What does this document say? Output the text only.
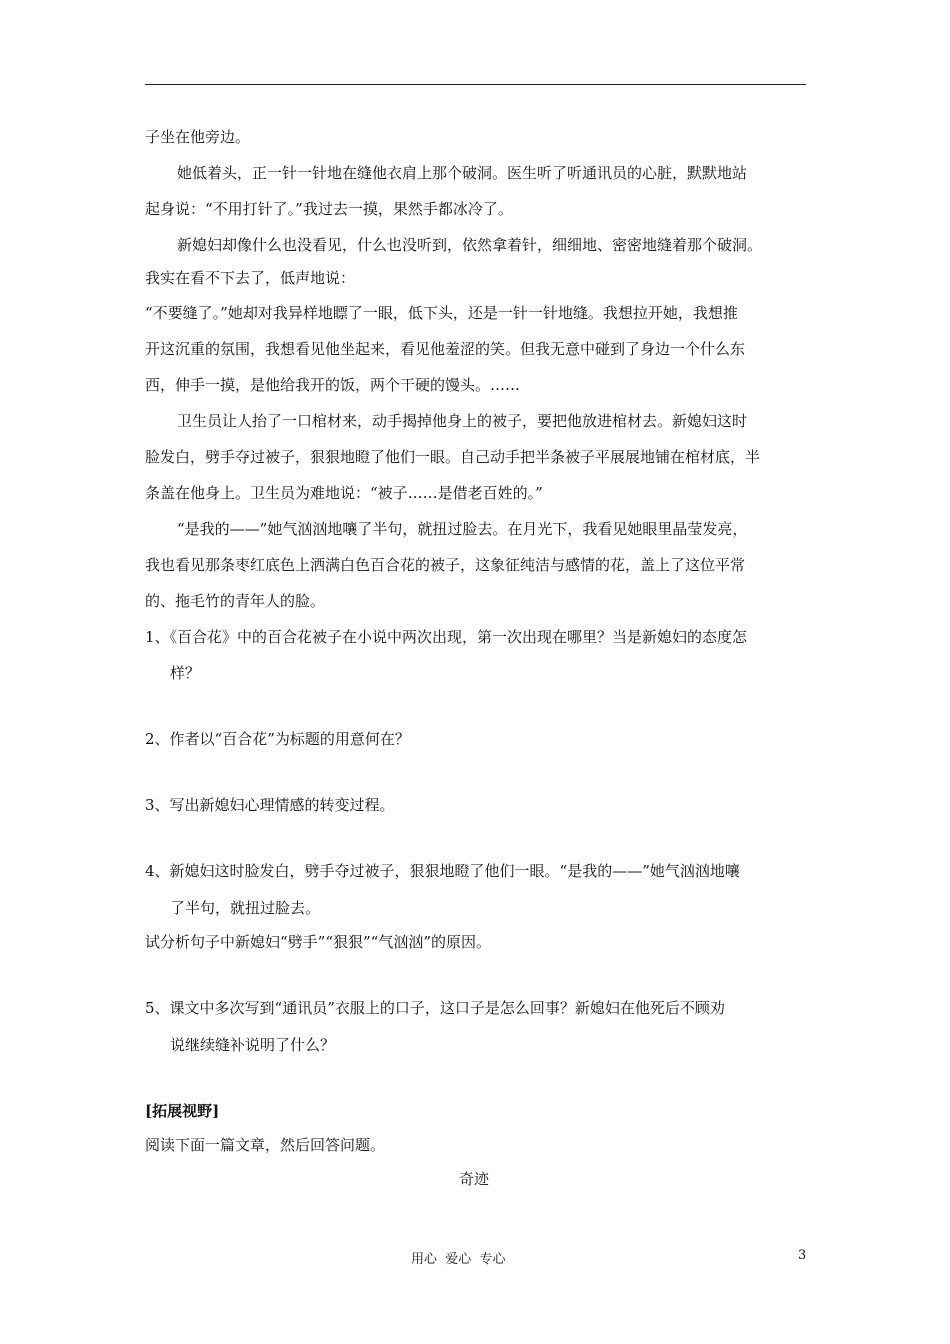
子坐在他旁边。
她低着头，正一针一针地在缝他衣肩上那个破洞。医生听了听通讯员的心脏，默默地站
起身说：“不用打针了。”我过去一摸，果然手都冰冷了。
新媳妇却像什么也没看见，什么也没听到，依然拿着针，细细地、密密地缝着那个破洞。
我实在看不下去了，低声地说：
“不要缝了。”她却对我异样地瞟了一眼，低下头，还是一针一针地缝。我想拉开她，我想推
开这沉重的氛围，我想看见他坐起来，看见他羞涩的笑。但我无意中碰到了身边一个什么东
西，伸手一摸，是他给我开的饭，两个干硬的馒头。……
卫生员让人抬了一口棺材来，动手揭掉他身上的被子，要把他放进棺材去。新媳妇这时
脸发白，劈手夺过被子，狠狠地瞪了他们一眼。自己动手把半条被子平展展地铺在棺材底，半
条盖在他身上。卫生员为难地说：“被子……是借老百姓的。”
“是我的——”她气汹汹地嚷了半句，就扭过脸去。在月光下，我看见她眼里晶莹发亮，
我也看见那条枣红底色上洒满白色百合花的被子，这象征纯洁与感情的花，盖上了这位平常
的、拖毛竹的青年人的脸。
1、《百合花》中的百合花被子在小说中两次出现，第一次出现在哪里？当是新媳妇的态度怎
样？
2、作者以“百合花”为标题的用意何在？
3、写出新媳妇心理情感的转变过程。
4、新媳妇这时脸发白，劈手夺过被子，狠狠地瞪了他们一眼。“是我的——”她气汹汹地嚷
了半句，就扭过脸去。
试分析句子中新媳妇“劈手”“狠狠”“气汹汹”的原因。
5、课文中多次写到“通讯员”衣服上的口子，这口子是怎么回事？新媳妇在他死后不顾劝
说继续缝补说明了什么？
[拓展视野]
阅读下面一篇文章，然后回答问题。
奇迹
用心  爱心  专心	3
